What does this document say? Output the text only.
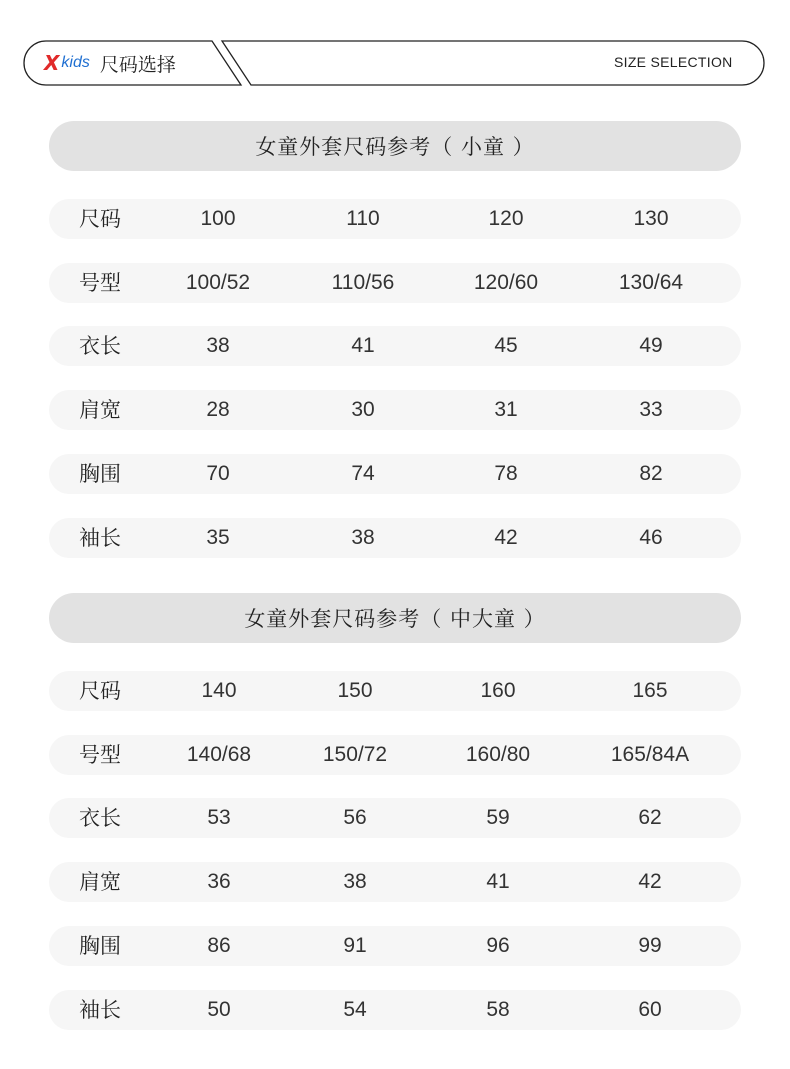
X kids 尺码选择	SIZE SELECTION
女童外套尺码参考（ 小童 ）
尺码	100	110	120	130
号型	100/52	110/56	120/60	130/64
衣长	38	41	45	49
肩宽	28	30	31	33
胸围	70	74	78	82
袖长	35	38	42	46
女童外套尺码参考（ 中大童 ）
尺码	140	150	160	165
号型	140/68	150/72	160/80	165/84A
衣长	53	56	59	62
肩宽	36	38	41	42
胸围	86	91	96	99
袖长	50	54	58	60
